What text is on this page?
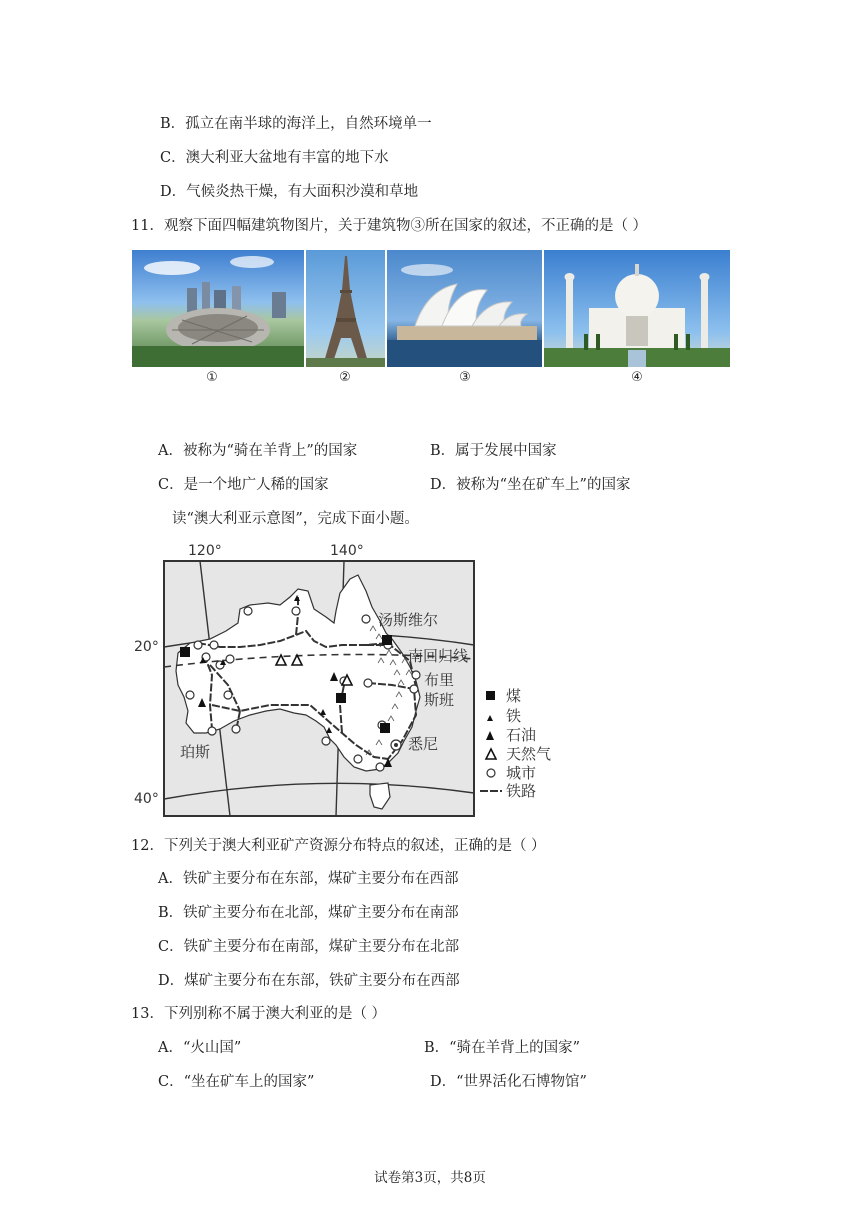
B．孤立在南半球的海洋上，自然环境单一
C．澳大利亚大盆地有丰富的地下水
D．气候炎热干燥，有大面积沙漠和草地
11．观察下面四幅建筑物图片，关于建筑物③所在国家的叙述，不正确的是（ ）
①	②	③	④
A．被称为“骑在羊背上”的国家	B．属于发展中国家
C．是一个地广人稀的国家	D．被称为“坐在矿车上”的国家
读“澳大利亚示意图”，完成下面小题。
120°	140°
20°
40°
汤斯维尔
南回归线
布里
斯班
珀斯	悉尼
煤
铁
石油
天然气
城市
铁路
12．下列关于澳大利亚矿产资源分布特点的叙述，正确的是（ ）
A．铁矿主要分布在东部，煤矿主要分布在西部
B．铁矿主要分布在北部，煤矿主要分布在南部
C．铁矿主要分布在南部，煤矿主要分布在北部
D．煤矿主要分布在东部，铁矿主要分布在西部
13．下列别称不属于澳大利亚的是（ ）
A．“火山国”	B．“骑在羊背上的国家”
C．“坐在矿车上的国家”	D．“世界活化石博物馆”
试卷第3页，共8页
